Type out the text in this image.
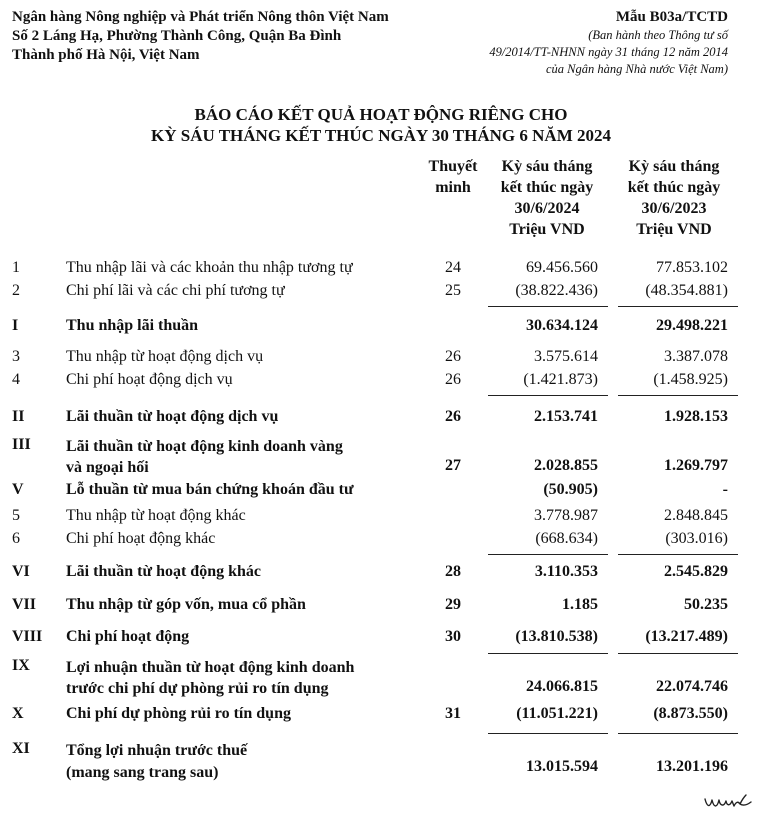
Ngân hàng Nông nghiệp và Phát triển Nông thôn Việt Nam
Số 2 Láng Hạ, Phường Thành Công, Quận Ba Đình
Thành phố Hà Nội, Việt Nam
Mẫu B03a/TCTD
(Ban hành theo Thông tư số
49/2014/TT-NHNN ngày 31 tháng 12 năm 2014
của Ngân hàng Nhà nước Việt Nam)
BÁO CÁO KẾT QUẢ HOẠT ĐỘNG RIÊNG CHO
KỲ SÁU THÁNG KẾT THÚC NGÀY 30 THÁNG 6 NĂM 2024
Thuyết
minh
Kỳ sáu tháng
kết thúc ngày
30/6/2024
Triệu VND
Kỳ sáu tháng
kết thúc ngày
30/6/2023
Triệu VND
1	Thu nhập lãi và các khoản thu nhập tương tự	24	69.456.560	77.853.102
2	Chi phí lãi và các chi phí tương tự	25	(38.822.436)	(48.354.881)
I	Thu nhập lãi thuần	30.634.124	29.498.221
3	Thu nhập từ hoạt động dịch vụ	26	3.575.614	3.387.078
4	Chi phí hoạt động dịch vụ	26	(1.421.873)	(1.458.925)
II	Lãi thuần từ hoạt động dịch vụ	26	2.153.741	1.928.153
III Lãi thuần từ hoạt động kinh doanh vàng
và ngoại hối	27	2.028.855	1.269.797
V	Lỗ thuần từ mua bán chứng khoán đầu tư	(50.905)	-
5	Thu nhập từ hoạt động khác	3.778.987	2.848.845
6	Chi phí hoạt động khác	(668.634)	(303.016)
VI Lãi thuần từ hoạt động khác	28	3.110.353	2.545.829
VII Thu nhập từ góp vốn, mua cổ phần	29	1.185	50.235
VIII Chi phí hoạt động	30	(13.810.538)	(13.217.489)
IX Lợi nhuận thuần từ hoạt động kinh doanh
trước chi phí dự phòng rủi ro tín dụng	24.066.815	22.074.746
X	Chi phí dự phòng rủi ro tín dụng	31	(11.051.221)	(8.873.550)
XI Tổng lợi nhuận trước thuế
(mang sang trang sau)	13.015.594	13.201.196
